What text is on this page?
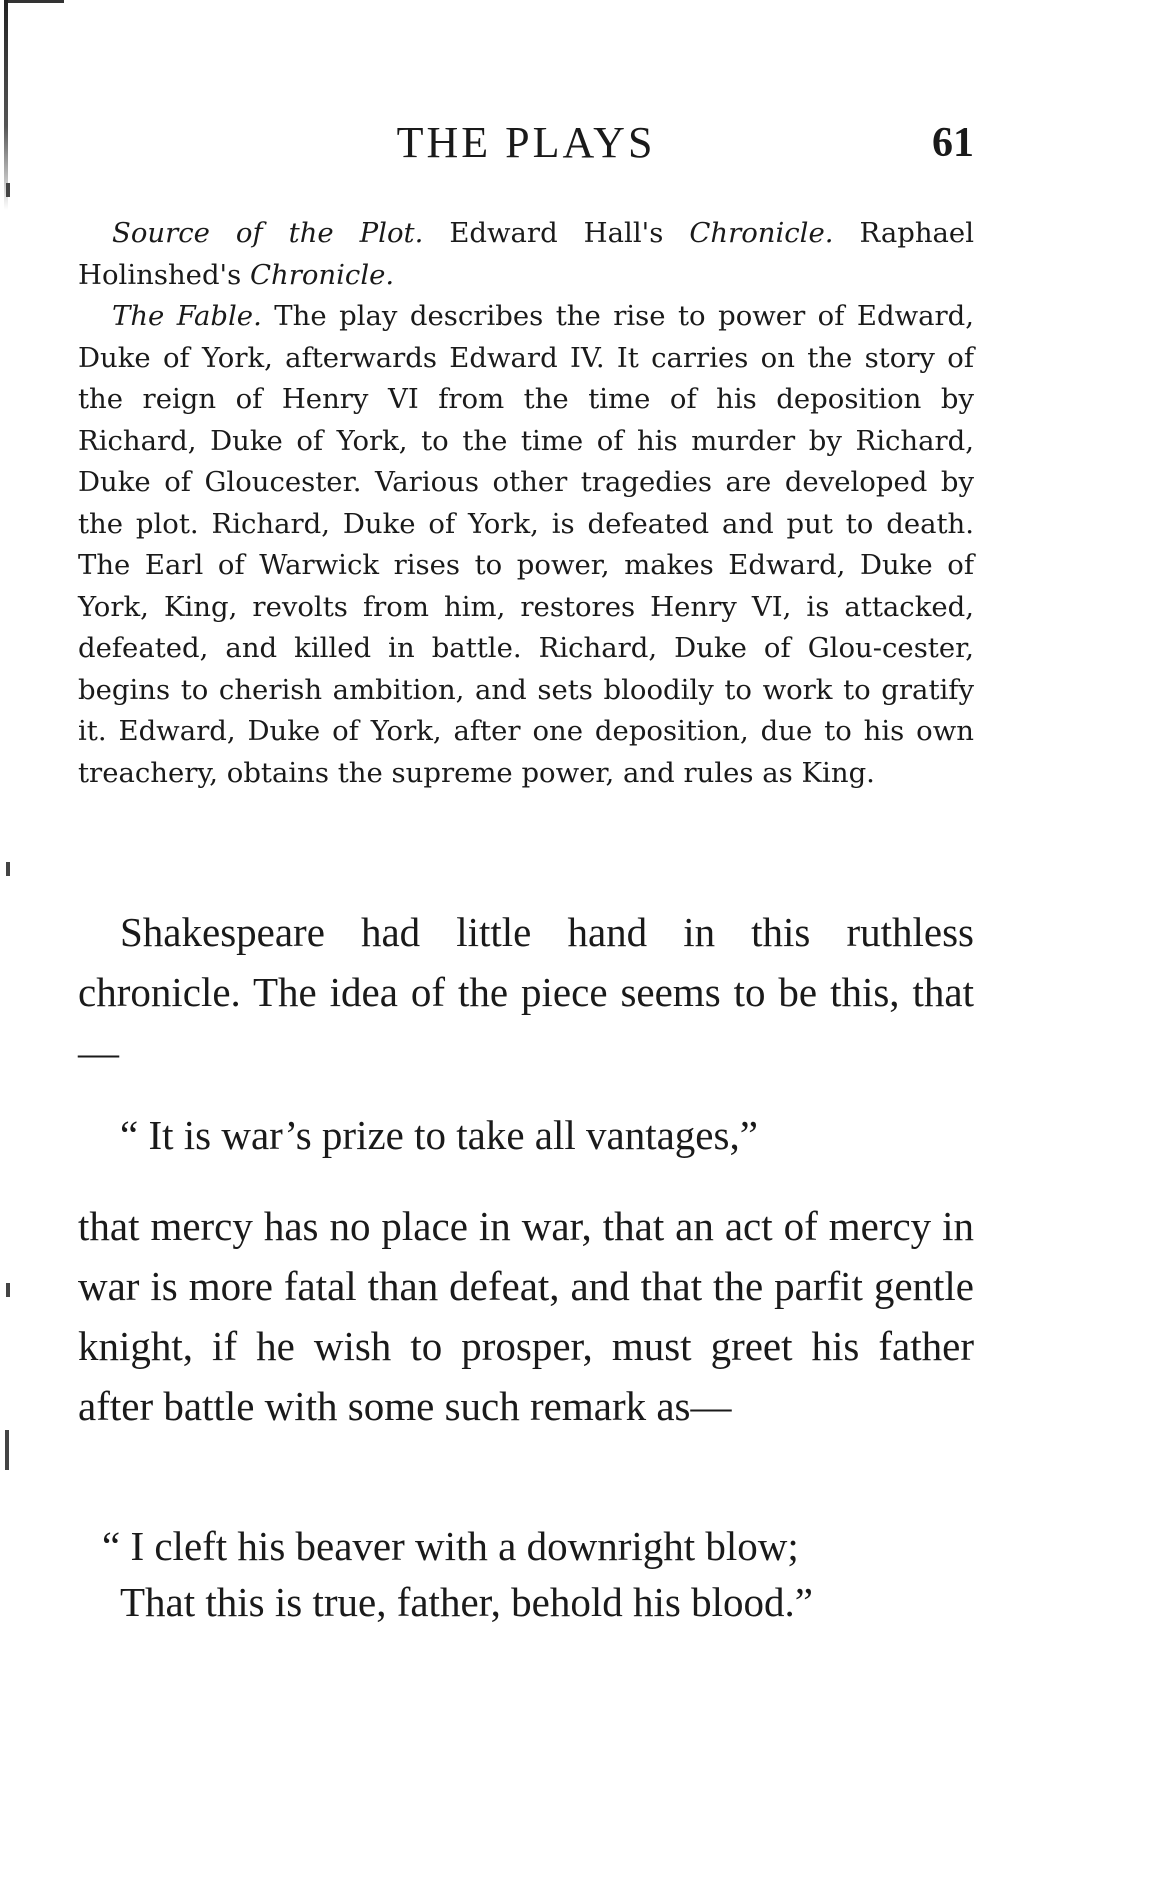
THE PLAYS	61

Source of the Plot. Edward Hall's Chronicle. Raphael Holinshed's Chronicle.

The Fable. The play describes the rise to power of Edward, Duke of York, afterwards Edward IV. It carries on the story of the reign of Henry VI from the time of his deposition by Richard, Duke of York, to the time of his murder by Richard, Duke of Gloucester. Various other tragedies are developed by the plot. Richard, Duke of York, is defeated and put to death. The Earl of Warwick rises to power, makes Edward, Duke of York, King, revolts from him, restores Henry VI, is attacked, defeated, and killed in battle. Richard, Duke of Glou-cester, begins to cherish ambition, and sets bloodily to work to gratify it. Edward, Duke of York, after one deposition, due to his own treachery, obtains the supreme power, and rules as King.

Shakespeare had little hand in this ruthless chronicle. The idea of the piece seems to be this, that—

“ It is war’s prize to take all vantages,”

that mercy has no place in war, that an act of mercy in war is more fatal than defeat, and that the parfit gentle knight, if he wish to prosper, must greet his father after battle with some such remark as—

“ I cleft his beaver with a downright blow;
That this is true, father, behold his blood.”
